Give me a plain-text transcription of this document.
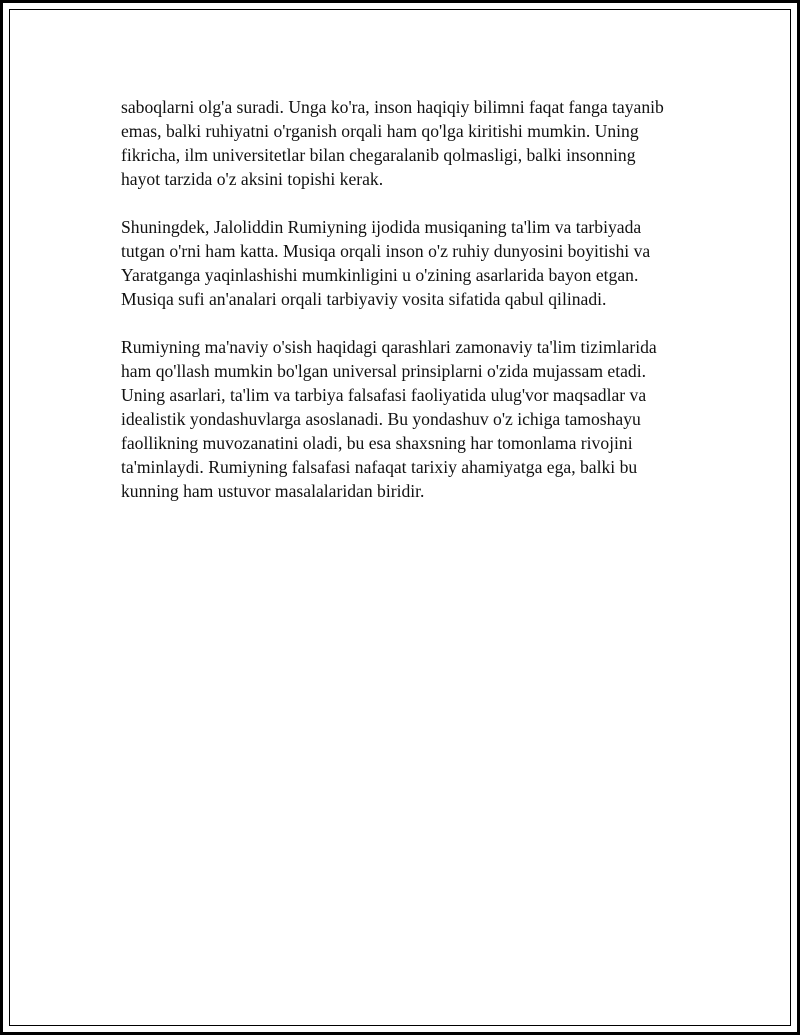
saboqlarni olg'a suradi. Unga ko'ra, inson haqiqiy bilimni faqat fanga tayanib
emas, balki ruhiyatni o'rganish orqali ham qo'lga kiritishi mumkin. Uning
fikricha, ilm universitetlar bilan chegaralanib qolmasligi, balki insonning
hayot tarzida o'z aksini topishi kerak.

Shuningdek, Jaloliddin Rumiyning ijodida musiqaning ta'lim va tarbiyada
tutgan o'rni ham katta. Musiqa orqali inson o'z ruhiy dunyosini boyitishi va
Yaratganga yaqinlashishi mumkinligini u o'zining asarlarida bayon etgan.
Musiqa sufi an'analari orqali tarbiyaviy vosita sifatida qabul qilinadi.

Rumiyning ma'naviy o'sish haqidagi qarashlari zamonaviy ta'lim tizimlarida
ham qo'llash mumkin bo'lgan universal prinsiplarni o'zida mujassam etadi.
Uning asarlari, ta'lim va tarbiya falsafasi faoliyatida ulug'vor maqsadlar va
idealistik yondashuvlarga asoslanadi. Bu yondashuv o'z ichiga tamoshayu
faollikning muvozanatini oladi, bu esa shaxsning har tomonlama rivojini
ta'minlaydi. Rumiyning falsafasi nafaqat tarixiy ahamiyatga ega, balki bu
kunning ham ustuvor masalalaridan biridir.
